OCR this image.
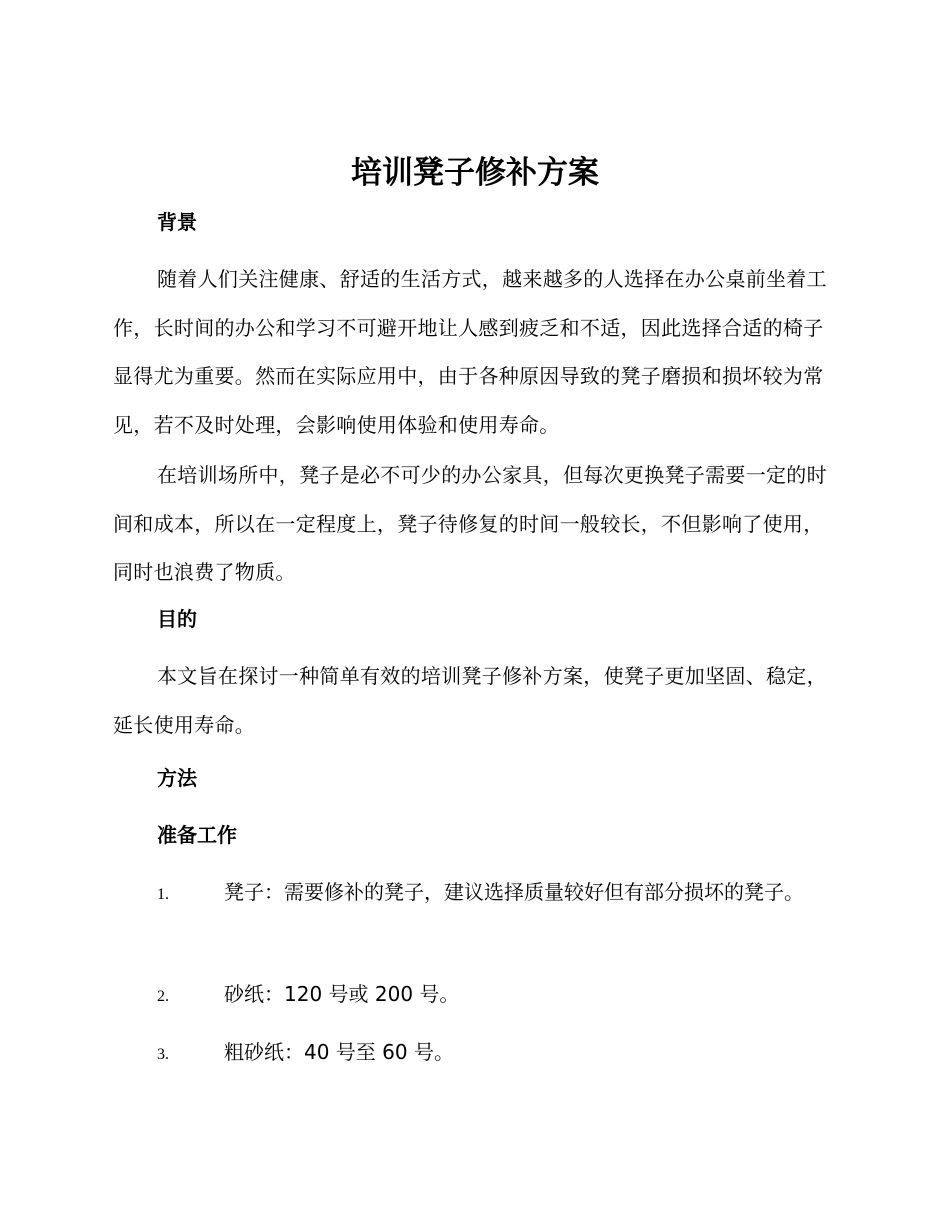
培训凳子修补方案
背景

随着人们关注健康、舒适的生活方式，越来越多的人选择在办公桌前坐着工作，长时间的办公和学习不可避开地让人感到疲乏和不适，因此选择合适的椅子显得尤为重要。然而在实际应用中，由于各种原因导致的凳子磨损和损坏较为常见，若不及时处理，会影响使用体验和使用寿命。

在培训场所中，凳子是必不可少的办公家具，但每次更换凳子需要一定的时间和成本，所以在一定程度上，凳子待修复的时间一般较长，不但影响了使用，同时也浪费了物质。

目的

本文旨在探讨一种简单有效的培训凳子修补方案，使凳子更加坚固、稳定，延长使用寿命。

方法
准备工作
1.	凳子：需要修补的凳子，建议选择质量较好但有部分损坏的凳子。
2.	砂纸：120 号或 200 号。
3.	粗砂纸：40 号至 60 号。
